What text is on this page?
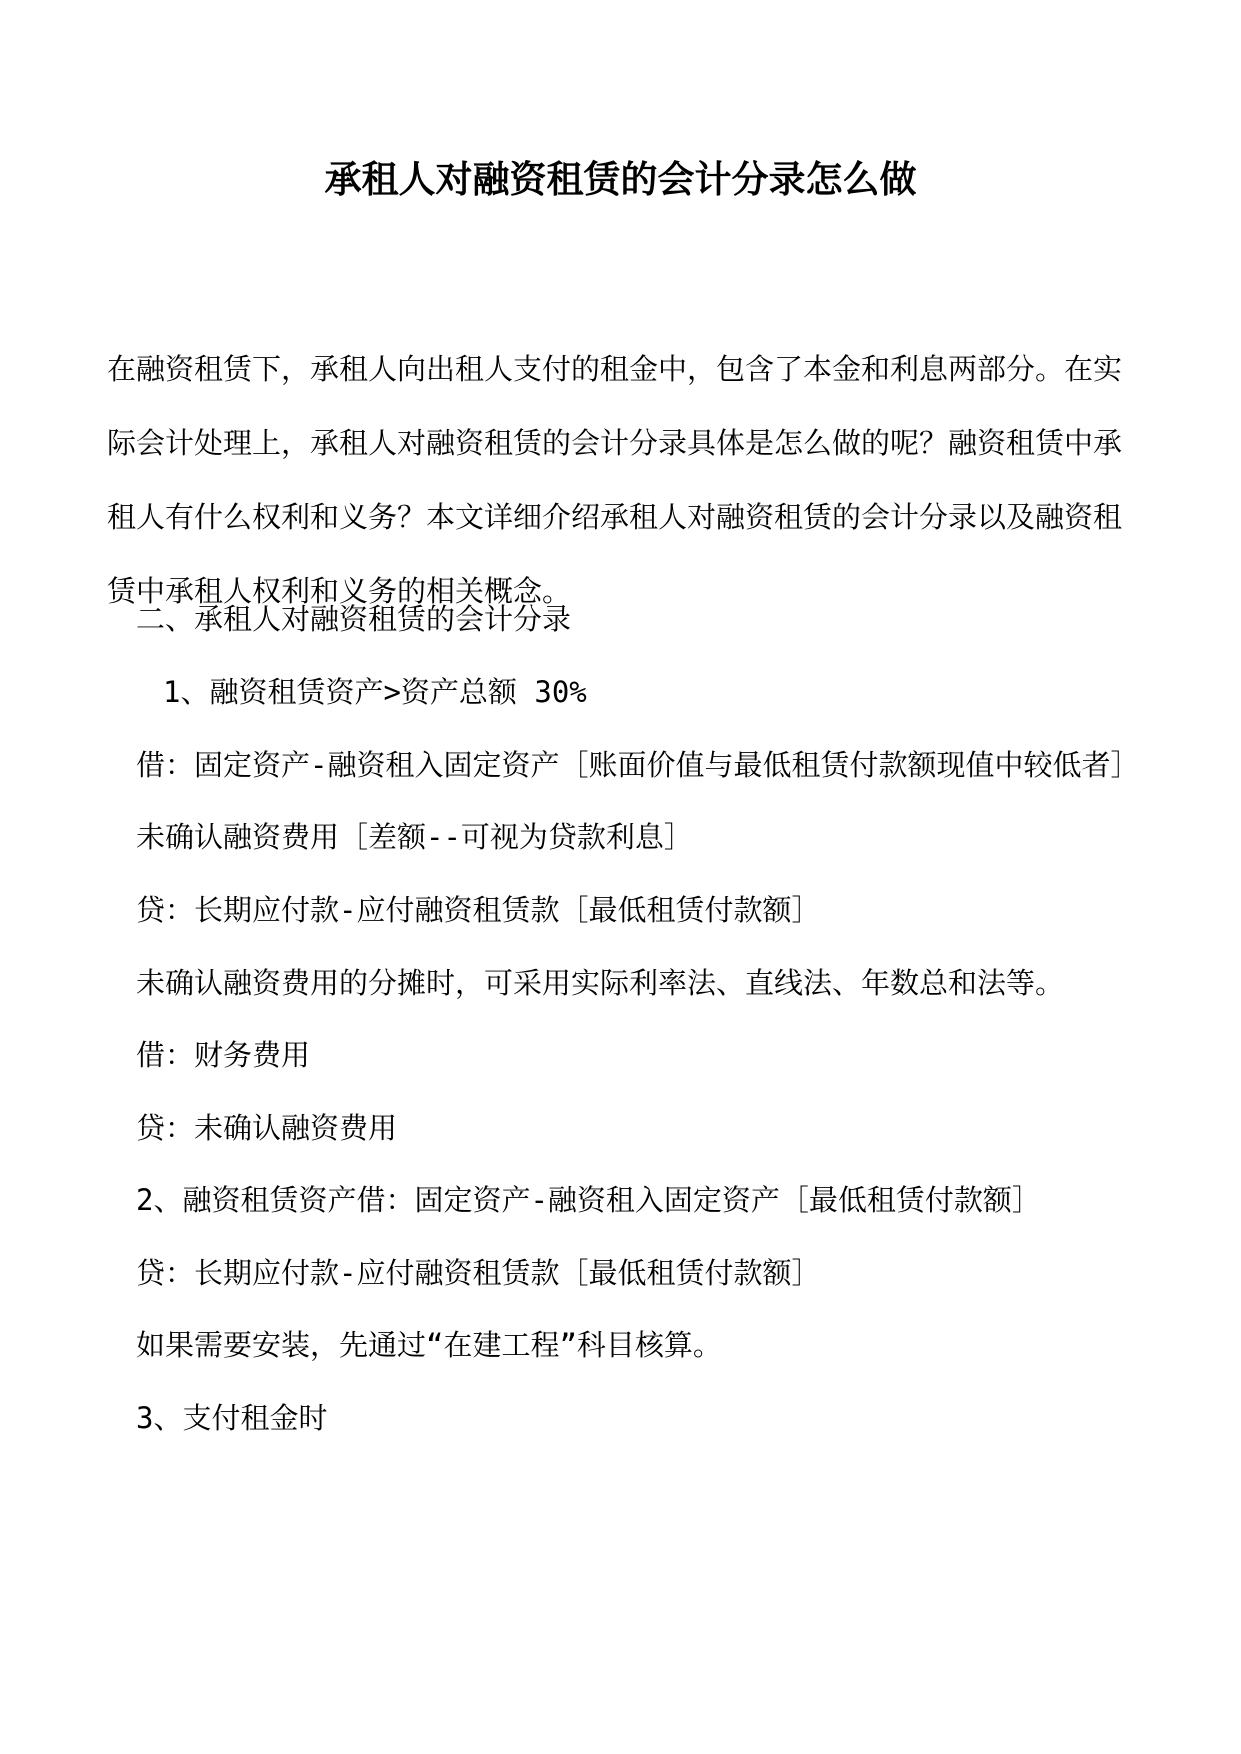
承租人对融资租赁的会计分录怎么做

在融资租赁下，承租人向出租人支付的租金中，包含了本金和利息两部分。在实
际会计处理上，承租人对融资租赁的会计分录具体是怎么做的呢？融资租赁中承
租人有什么权利和义务？本文详细介绍承租人对融资租赁的会计分录以及融资租
赁中承租人权利和义务的相关概念。

二、承租人对融资租赁的会计分录

1、融资租赁资产>资产总额 30%

借：固定资产-融资租入固定资产［账面价值与最低租赁付款额现值中较低者］

未确认融资费用［差额--可视为贷款利息］

贷：长期应付款-应付融资租赁款［最低租赁付款额］

未确认融资费用的分摊时，可采用实际利率法、直线法、年数总和法等。

借：财务费用

贷：未确认融资费用

2、融资租赁资产借：固定资产-融资租入固定资产［最低租赁付款额］

贷：长期应付款-应付融资租赁款［最低租赁付款额］

如果需要安装，先通过“在建工程”科目核算。

3、支付租金时
